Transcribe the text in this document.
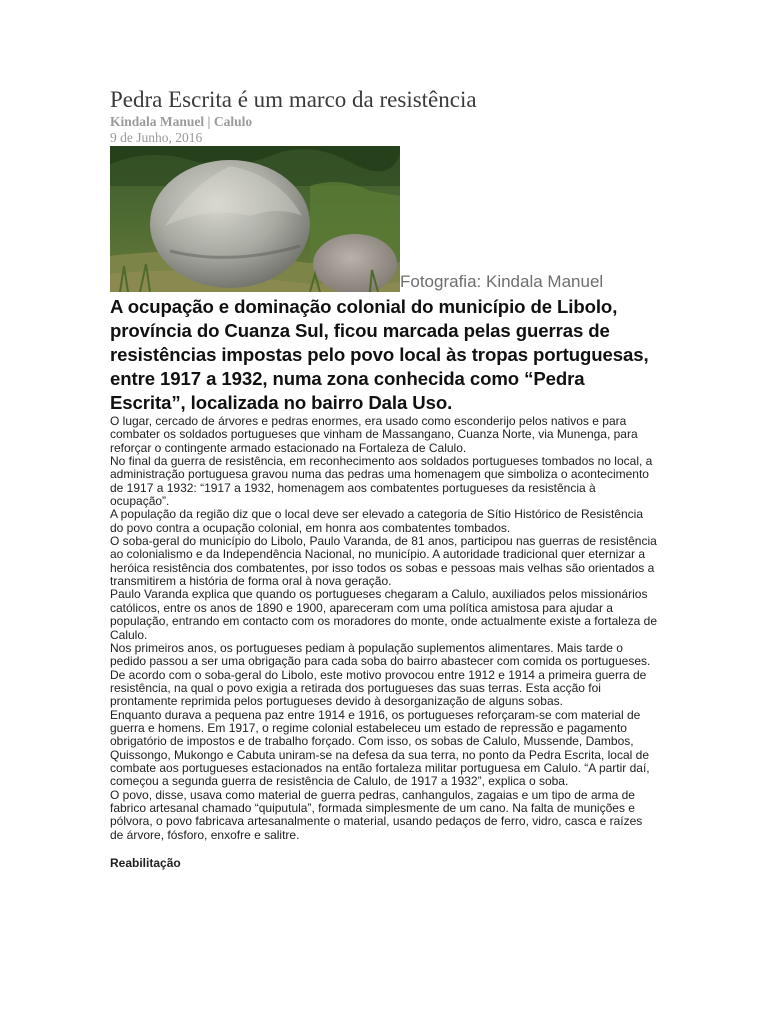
Pedra Escrita é um marco da resistência
Kindala Manuel | Calulo
9 de Junho, 2016
Fotografia: Kindala Manuel

A ocupação e dominação colonial do município de Libolo, província do Cuanza Sul, ficou marcada pelas guerras de resistências impostas pelo povo local às tropas portuguesas, entre 1917 a 1932, numa zona conhecida como “Pedra Escrita”, localizada no bairro Dala Uso.

O lugar, cercado de árvores e pedras enormes, era usado como esconderijo pelos nativos e para combater os soldados portugueses que vinham de Massangano, Cuanza Norte, via Munenga, para reforçar o contingente armado estacionado na Fortaleza de Calulo.

No final da guerra de resistência, em reconhecimento aos soldados portugueses tombados no local, a administração portuguesa gravou numa das pedras uma homenagem que simboliza o acontecimento de 1917 a 1932: “1917 a 1932, homenagem aos combatentes portugueses da resistência à ocupação”.

A população da região diz que o local deve ser elevado a categoria de Sítio Histórico de Resistência do povo contra a ocupação colonial, em honra aos combatentes tombados.

O soba-geral do município do Libolo, Paulo Varanda, de 81 anos, participou nas guerras de resistência ao colonialismo e da Independência Nacional, no município. A autoridade tradicional quer eternizar a heróica resistência dos combatentes, por isso todos os sobas e pessoas mais velhas são orientados a transmitirem a história de forma oral à nova geração.

Paulo Varanda explica que quando os portugueses chegaram a Calulo, auxiliados pelos missionários católicos, entre os anos de 1890 e 1900, apareceram com uma política amistosa para ajudar a população, entrando em contacto com os moradores do monte, onde actualmente existe a fortaleza de Calulo.

Nos primeiros anos, os portugueses pediam à população suplementos alimentares. Mais tarde o pedido passou a ser uma obrigação para cada soba do bairro abastecer com comida os portugueses. De acordo com o soba-geral do Libolo, este motivo provocou entre 1912 e 1914 a primeira guerra de resistência, na qual o povo exigia a retirada dos portugueses das suas terras. Esta acção foi prontamente reprimida pelos portugueses devido à desorganização de alguns sobas.

Enquanto durava a pequena paz entre 1914 e 1916, os portugueses reforçaram-se com material de guerra e homens. Em 1917, o regime colonial estabeleceu um estado de repressão e pagamento obrigatório de impostos e de trabalho forçado. Com isso, os sobas de Calulo, Mussende, Dambos, Quissongo, Mukongo e Cabuta uniram-se na defesa da sua terra, no ponto da Pedra Escrita, local de combate aos portugueses estacionados na então fortaleza militar portuguesa em Calulo. “A partir daí, começou a segunda guerra de resistência de Calulo, de 1917 a 1932”, explica o soba.

O povo, disse, usava como material de guerra pedras, canhangulos, zagaias e um tipo de arma de fabrico artesanal chamado “quiputula”, formada simplesmente de um cano. Na falta de munições e pólvora, o povo fabricava artesanalmente o material, usando pedaços de ferro, vidro, casca e raízes de árvore, fósforo, enxofre e salitre.

Reabilitação
